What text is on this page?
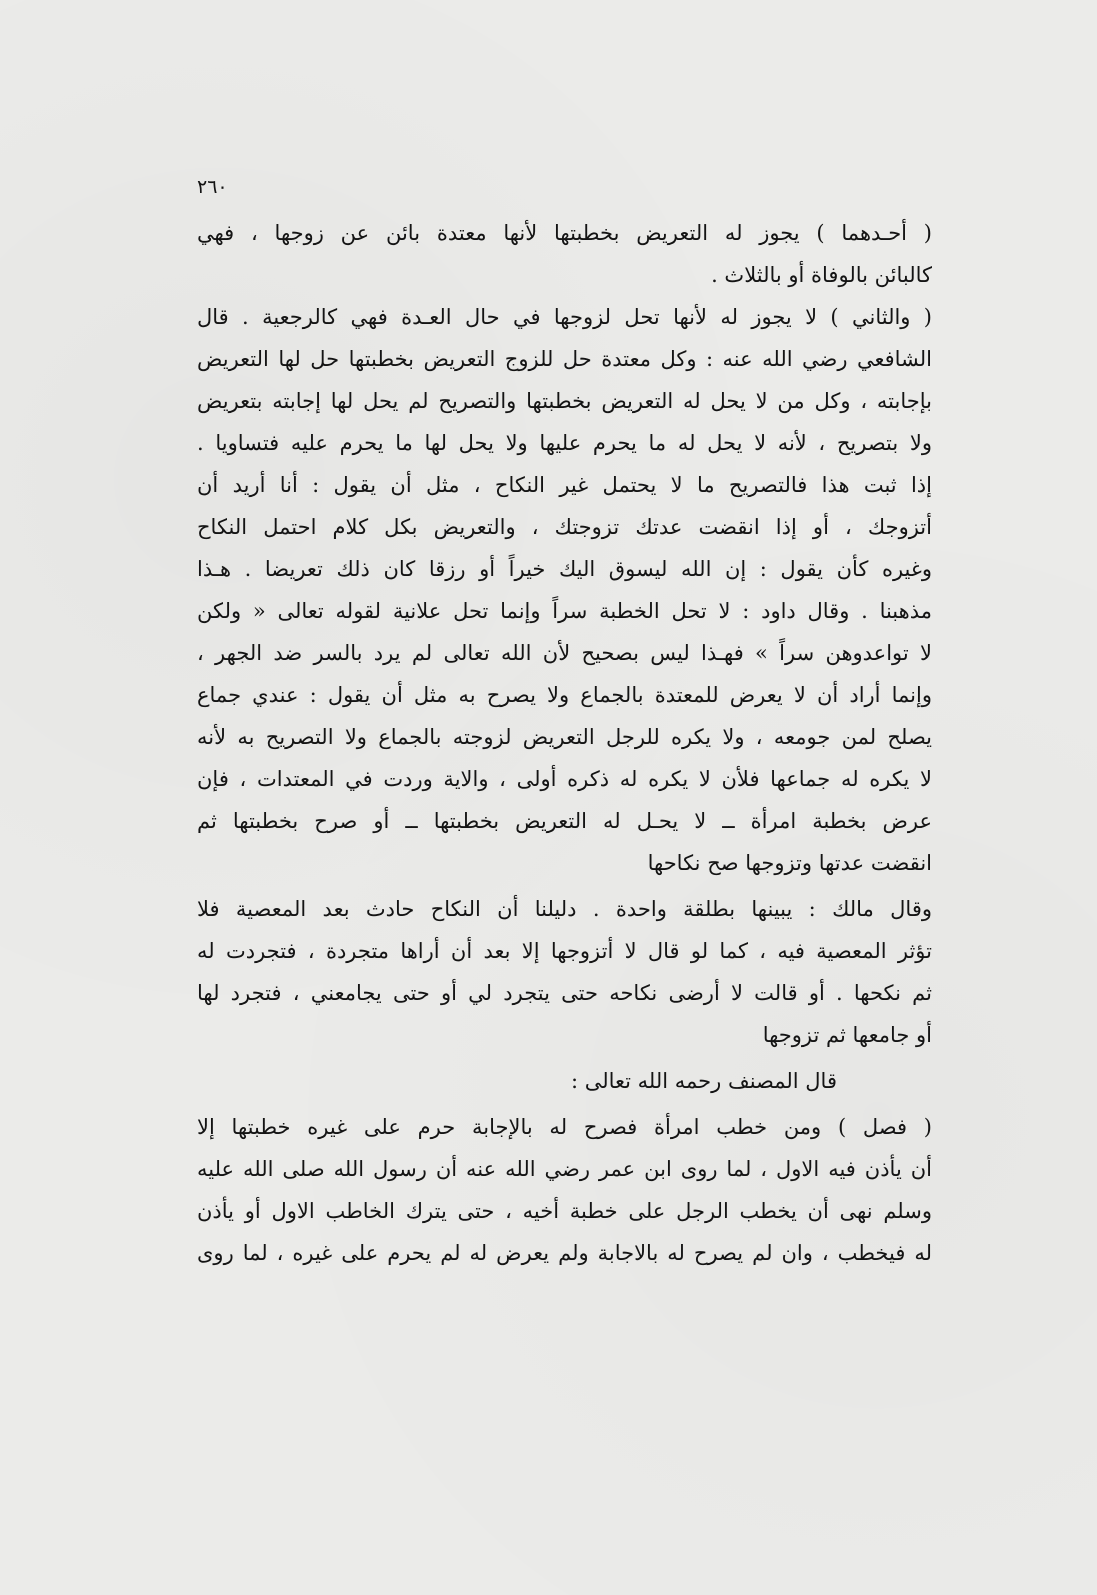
٢٦٠
( أحـدهما ) يجوز له التعريض بخطبتها لأنها معتدة بائن عن زوجها ، فهي
كالبائن بالوفاة أو بالثلاث .
( والثاني ) لا يجوز له لأنها تحل لزوجها في حال العـدة فهي كالرجعية . قال
الشافعي رضي الله عنه : وكل معتدة حل للزوج التعريض بخطبتها حل لها التعريض
بإجابته ، وكل من لا يحل له التعريض بخطبتها والتصريح لم يحل لها إجابته بتعريض
ولا بتصريح ، لأنه لا يحل له ما يحرم عليها ولا يحل لها ما يحرم عليه فتساويا .
إذا ثبت هذا فالتصريح ما لا يحتمل غير النكاح ، مثل أن يقول : أنا أريد أن
أتزوجك ، أو إذا انقضت عدتك تزوجتك ، والتعريض بكل كلام احتمل النكاح
وغيره كأن يقول : إن الله ليسوق اليك خيراً أو رزقا كان ذلك تعريضا . هـذا
مذهبنا . وقال داود : لا تحل الخطبة سراً وإنما تحل علانية لقوله تعالى « ولكن
لا تواعدوهن سراً » فهـذا ليس بصحيح لأن الله تعالى لم يرد بالسر ضد الجهر ،
وإنما أراد أن لا يعرض للمعتدة بالجماع ولا يصرح به مثل أن يقول : عندي جماع
يصلح لمن جومعه ، ولا يكره للرجل التعريض لزوجته بالجماع ولا التصريح به لأنه
لا يكره له جماعها فلأن لا يكره له ذكره أولى ، والاية وردت في المعتدات ، فإن
عرض بخطبة امرأة ــ لا يحـل له التعريض بخطبتها ــ أو صرح بخطبتها ثم
انقضت عدتها وتزوجها صح نكاحها
وقال مالك : يبينها بطلقة واحدة . دليلنا أن النكاح حادث بعد المعصية فلا
تؤثر المعصية فيه ، كما لو قال لا أتزوجها إلا بعد أن أراها متجردة ، فتجردت له
ثم نكحها . أو قالت لا أرضى نكاحه حتى يتجرد لي أو حتى يجامعني ، فتجرد لها
أو جامعها ثم تزوجها
قال المصنف رحمه الله تعالى :
( فصل ) ومن خطب امرأة فصرح له بالإجابة حرم على غيره خطبتها إلا
أن يأذن فيه الاول ، لما روى ابن عمر رضي الله عنه أن رسول الله صلى الله عليه
وسلم نهى أن يخطب الرجل على خطبة أخيه ، حتى يترك الخاطب الاول أو يأذن
له فيخطب ، وان لم يصرح له بالاجابة ولم يعرض له لم يحرم على غيره ، لما روى
